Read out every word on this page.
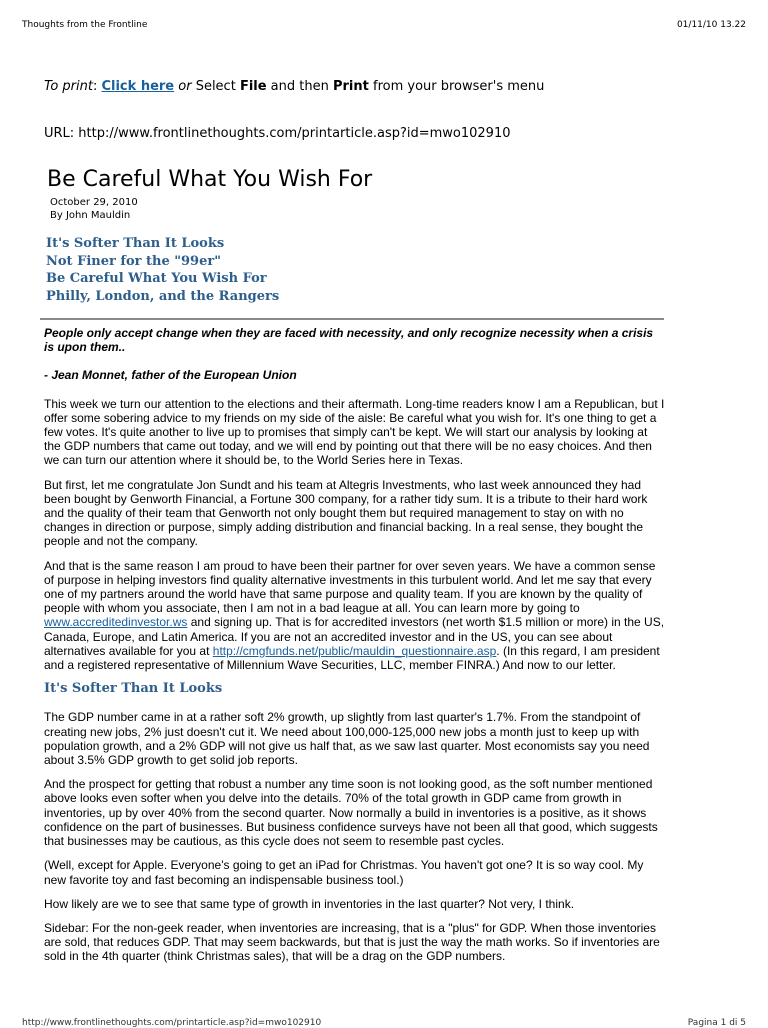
Thoughts from the Frontline	01/11/10 13.22
To print: Click here or Select File and then Print from your browser's menu
URL: http://www.frontlinethoughts.com/printarticle.asp?id=mwo102910
Be Careful What You Wish For
October 29, 2010
By John Mauldin
It's Softer Than It Looks
Not Finer for the "99er"
Be Careful What You Wish For
Philly, London, and the Rangers

People only accept change when they are faced with necessity, and only recognize necessity when a crisis is upon them..

- Jean Monnet, father of the European Union

This week we turn our attention to the elections and their aftermath. Long-time readers know I am a Republican, but I offer some sobering advice to my friends on my side of the aisle: Be careful what you wish for. It's one thing to get a few votes. It's quite another to live up to promises that simply can't be kept. We will start our analysis by looking at the GDP numbers that came out today, and we will end by pointing out that there will be no easy choices. And then we can turn our attention where it should be, to the World Series here in Texas.

But first, let me congratulate Jon Sundt and his team at Altegris Investments, who last week announced they had been bought by Genworth Financial, a Fortune 300 company, for a rather tidy sum. It is a tribute to their hard work and the quality of their team that Genworth not only bought them but required management to stay on with no changes in direction or purpose, simply adding distribution and financial backing. In a real sense, they bought the people and not the company.

And that is the same reason I am proud to have been their partner for over seven years. We have a common sense of purpose in helping investors find quality alternative investments in this turbulent world. And let me say that every one of my partners around the world have that same purpose and quality team. If you are known by the quality of people with whom you associate, then I am not in a bad league at all. You can learn more by going to www.accreditedinvestor.ws and signing up. That is for accredited investors (net worth $1.5 million or more) in the US, Canada, Europe, and Latin America. If you are not an accredited investor and in the US, you can see about alternatives available for you at http://cmgfunds.net/public/mauldin_questionnaire.asp. (In this regard, I am president and a registered representative of Millennium Wave Securities, LLC, member FINRA.) And now to our letter.

It's Softer Than It Looks

The GDP number came in at a rather soft 2% growth, up slightly from last quarter's 1.7%. From the standpoint of creating new jobs, 2% just doesn't cut it. We need about 100,000-125,000 new jobs a month just to keep up with population growth, and a 2% GDP will not give us half that, as we saw last quarter. Most economists say you need about 3.5% GDP growth to get solid job reports.

And the prospect for getting that robust a number any time soon is not looking good, as the soft number mentioned above looks even softer when you delve into the details. 70% of the total growth in GDP came from growth in inventories, up by over 40% from the second quarter. Now normally a build in inventories is a positive, as it shows confidence on the part of businesses. But business confidence surveys have not been all that good, which suggests that businesses may be cautious, as this cycle does not seem to resemble past cycles.

(Well, except for Apple. Everyone's going to get an iPad for Christmas. You haven't got one? It is so way cool. My new favorite toy and fast becoming an indispensable business tool.)

How likely are we to see that same type of growth in inventories in the last quarter? Not very, I think.

Sidebar: For the non-geek reader, when inventories are increasing, that is a "plus" for GDP. When those inventories are sold, that reduces GDP. That may seem backwards, but that is just the way the math works. So if inventories are sold in the 4th quarter (think Christmas sales), that will be a drag on the GDP numbers.

http://www.frontlinethoughts.com/printarticle.asp?id=mwo102910	Pagina 1 di 5
